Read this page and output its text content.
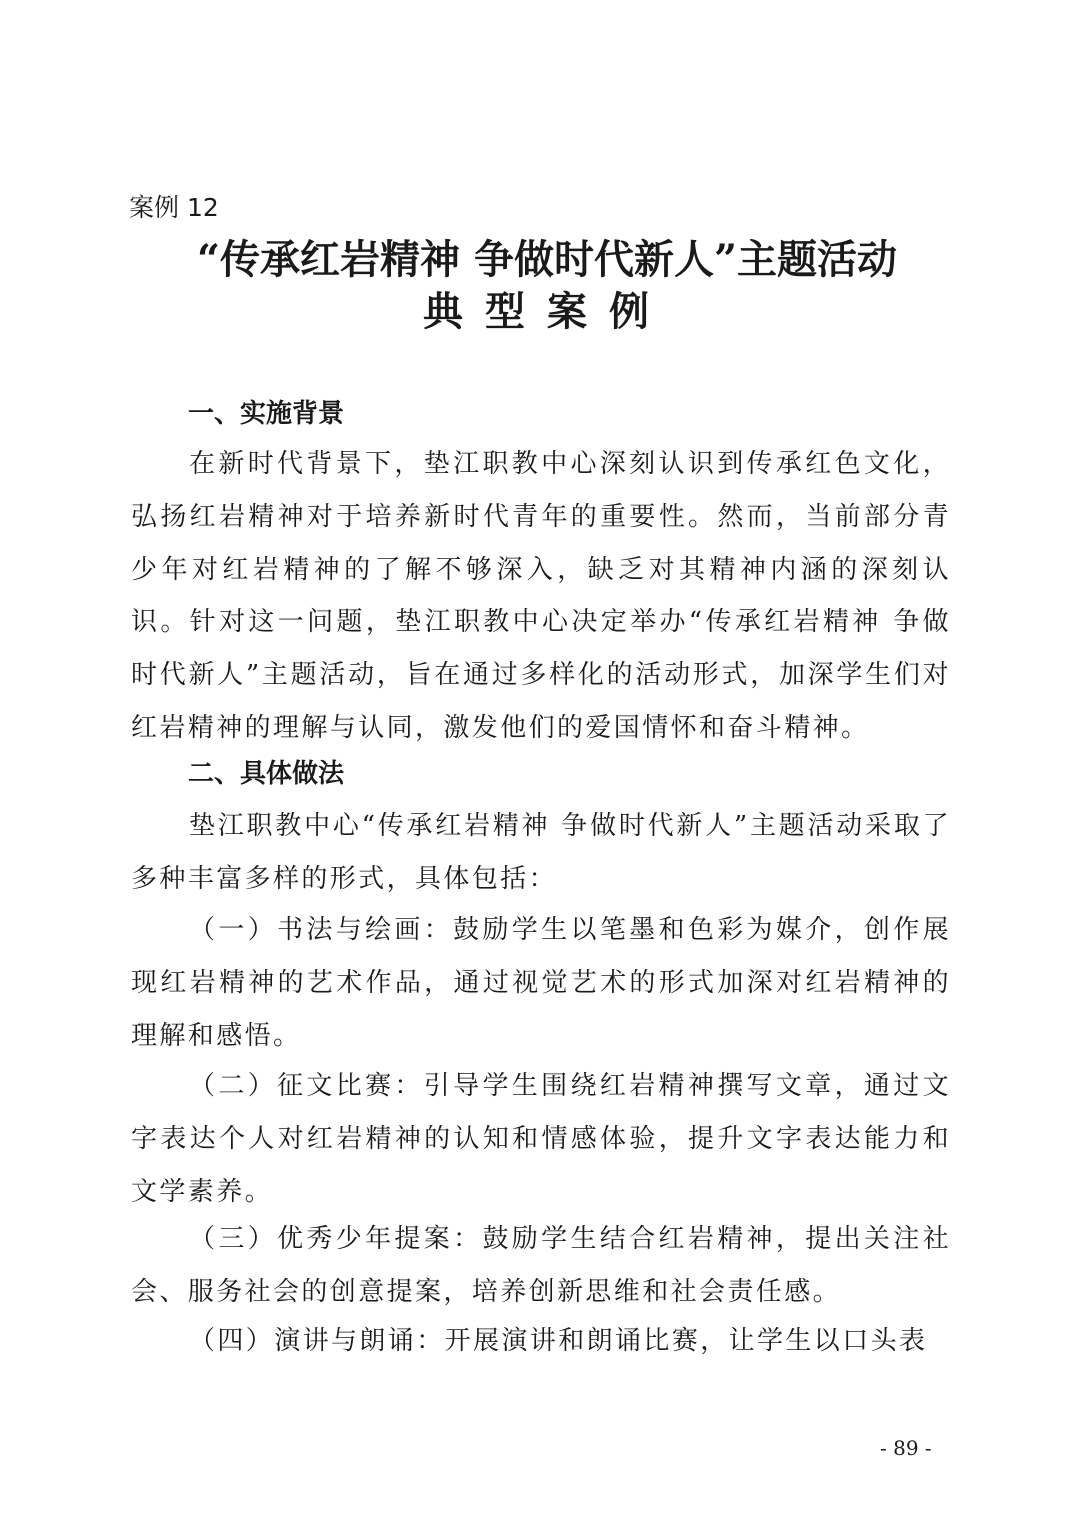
案例 12
“传承红岩精神 争做时代新人”主题活动
典型案例
一、实施背景
在新时代背景下，垫江职教中心深刻认识到传承红色文化，弘扬红岩精神对于培养新时代青年的重要性。然而，当前部分青少年对红岩精神的了解不够深入，缺乏对其精神内涵的深刻认识。针对这一问题，垫江职教中心决定举办“传承红岩精神 争做时代新人”主题活动，旨在通过多样化的活动形式，加深学生们对红岩精神的理解与认同，激发他们的爱国情怀和奋斗精神。
二、具体做法
垫江职教中心“传承红岩精神 争做时代新人”主题活动采取了多种丰富多样的形式，具体包括：
（一）书法与绘画：鼓励学生以笔墨和色彩为媒介，创作展现红岩精神的艺术作品，通过视觉艺术的形式加深对红岩精神的理解和感悟。
（二）征文比赛：引导学生围绕红岩精神撰写文章，通过文字表达个人对红岩精神的认知和情感体验，提升文字表达能力和文学素养。
（三）优秀少年提案：鼓励学生结合红岩精神，提出关注社会、服务社会的创意提案，培养创新思维和社会责任感。
（四）演讲与朗诵：开展演讲和朗诵比赛，让学生以口头表
- 89 -
